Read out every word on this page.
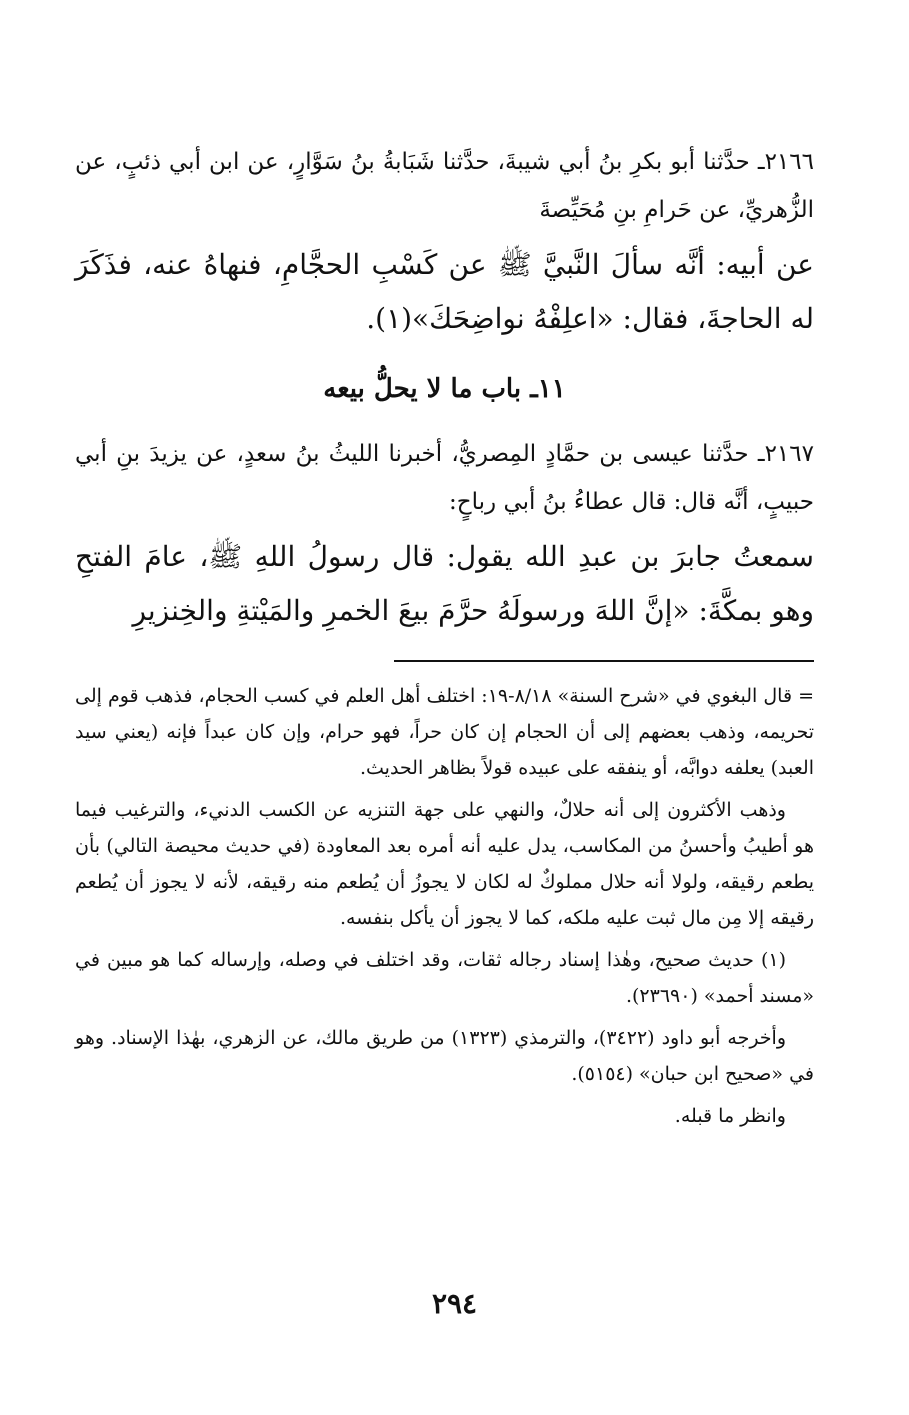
٢١٦٦ـ حدَّثنا أبو بكرِ بنُ أبي شيبةَ، حدَّثنا شَبَابةُ بنُ سَوَّارٍ، عن ابن أبي ذئبٍ، عن الزُّهريِّ، عن حَرامِ بنِ مُحَيِّصةَ

عن أبيه: أنَّه سألَ النَّبيَّ ﷺ عن كَسْبِ الحجَّامِ، فنهاهُ عنه، فذَكَرَ له الحاجةَ، فقال: «اعلِفْهُ نواضِحَكَ»(١).

١١ـ باب ما لا يحلُّ بيعه

٢١٦٧ـ حدَّثنا عيسى بن حمَّادٍ المِصريُّ، أخبرنا الليثُ بنُ سعدٍ، عن يزيدَ بنِ أبي حبيبٍ، أنَّه قال: قال عطاءُ بنُ أبي رباحٍ:

سمعتُ جابرَ بن عبدِ الله يقول: قال رسولُ اللهِ ﷺ، عامَ الفتحِ وهو بمكَّةَ: «إنَّ اللهَ ورسولَهُ حرَّمَ بيعَ الخمرِ والمَيْتةِ والخِنزيرِ

= قال البغوي في «شرح السنة» ٨/١٨-١٩: اختلف أهل العلم في كسب الحجام، فذهب قوم إلى تحريمه، وذهب بعضهم إلى أن الحجام إن كان حراً، فهو حرام، وإن كان عبداً فإنه (يعني سيد العبد) يعلفه دوابَّه، أو ينفقه على عبيده قولاً بظاهر الحديث.

وذهب الأكثرون إلى أنه حلالٌ، والنهي على جهة التنزيه عن الكسب الدنيء، والترغيب فيما هو أطيبُ وأحسنُ من المكاسب، يدل عليه أنه أمره بعد المعاودة (في حديث محيصة التالي) بأن يطعم رقيقه، ولولا أنه حلال مملوكٌ له لكان لا يجوزُ أن يُطعم منه رقيقه، لأنه لا يجوز أن يُطعم رقيقه إلا مِن مال ثبت عليه ملكه، كما لا يجوز أن يأكل بنفسه.

(١) حديث صحيح، وهٰذا إسناد رجاله ثقات، وقد اختلف في وصله، وإرساله كما هو مبين في «مسند أحمد» (٢٣٦٩٠).

وأخرجه أبو داود (٣٤٢٢)، والترمذي (١٣٢٣) من طريق مالك، عن الزهري، بهٰذا الإسناد. وهو في «صحيح ابن حبان» (٥١٥٤).

وانظر ما قبله.

٢٩٤
